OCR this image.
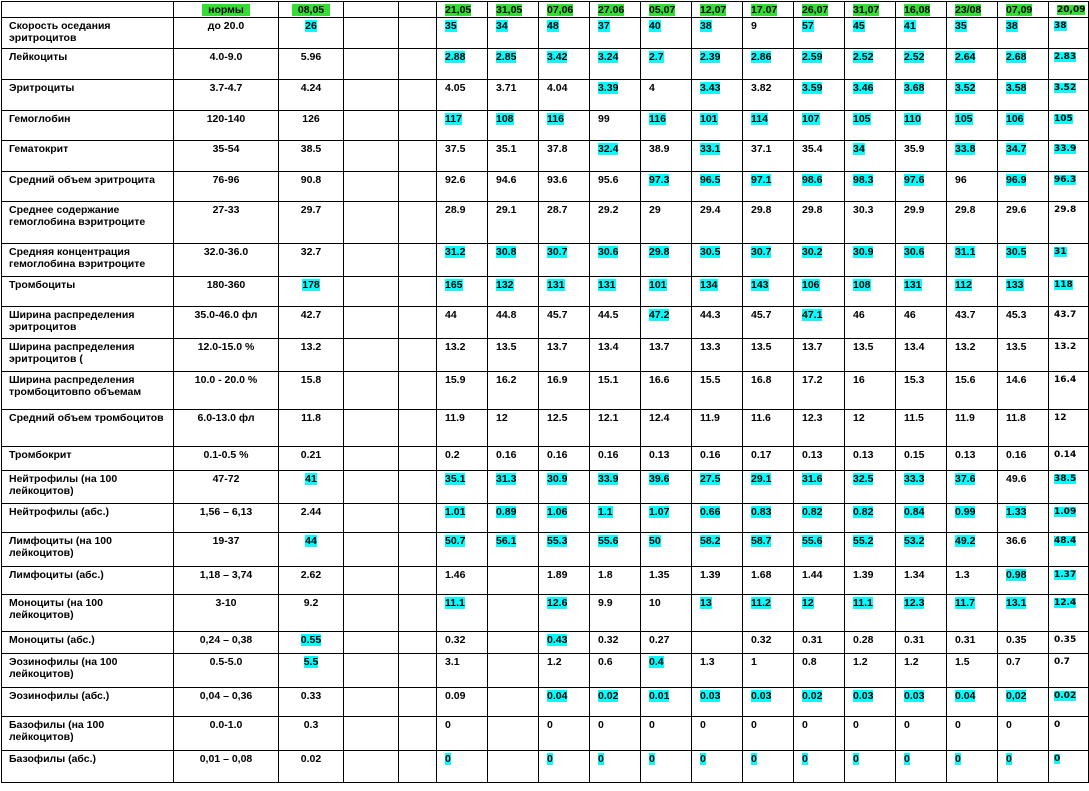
	нормы	08,05			21,05	31,05	07,06	27.06	05,07	12,07	17.07	26,07	31,07	16,08	23/08	07,09	20,09
Скорость оседания эритроцитов	до 20.0	26			35	34	48	37	40	38	9	57	45	41	35	38	38
Лейкоциты	4.0-9.0	5.96			2.88	2.85	3.42	3.24	2.7	2.39	2.86	2.59	2.52	2.52	2.64	2.68	2.83
Эритроциты	3.7-4.7	4.24			4.05	3.71	4.04	3.39	4	3.43	3.82	3.59	3.46	3.68	3.52	3.58	3.52
Гемоглобин	120-140	126			117	108	116	99	116	101	114	107	105	110	105	106	105
Гематокрит	35-54	38.5			37.5	35.1	37.8	32.4	38.9	33.1	37.1	35.4	34	35.9	33.8	34.7	33.9
Средний объем эритроцита	76-96	90.8			92.6	94.6	93.6	95.6	97.3	96.5	97.1	98.6	98.3	97.6	96	96.9	96.3
Среднее содержание гемоглобина вэритроците	27-33	29.7			28.9	29.1	28.7	29.2	29	29.4	29.8	29.8	30.3	29.9	29.8	29.6	29.8
Средняя концентрация гемоглобина вэритроците	32.0-36.0	32.7			31.2	30.8	30.7	30.6	29.8	30.5	30.7	30.2	30.9	30.6	31.1	30.5	31
Тромбоциты	180-360	178			165	132	131	131	101	134	143	106	108	131	112	133	118
Ширина распределения эритроцитов	35.0-46.0 фл	42.7			44	44.8	45.7	44.5	47.2	44.3	45.7	47.1	46	46	43.7	45.3	43.7
Ширина распределения эритроцитов (	12.0-15.0 %	13.2			13.2	13.5	13.7	13.4	13.7	13.3	13.5	13.7	13.5	13.4	13.2	13.5	13.2
Ширина распределения тромбоцитовпо объемам	10.0 - 20.0 %	15.8			15.9	16.2	16.9	15.1	16.6	15.5	16.8	17.2	16	15.3	15.6	14.6	16.4
Средний объем тромбоцитов	6.0-13.0 фл	11.8			11.9	12	12.5	12.1	12.4	11.9	11.6	12.3	12	11.5	11.9	11.8	12
Тромбокрит	0.1-0.5 %	0.21			0.2	0.16	0.16	0.16	0.13	0.16	0.17	0.13	0.13	0.15	0.13	0.16	0.14
Нейтрофилы (на 100 лейкоцитов)	47-72	41			35.1	31.3	30.9	33.9	39.6	27.5	29.1	31.6	32.5	33.3	37.6	49.6	38.5
Нейтрофилы (абс.)	1,56 – 6,13	2.44			1.01	0.89	1.06	1.1	1.07	0.66	0.83	0.82	0.82	0.84	0.99	1.33	1.09
Лимфоциты (на 100 лейкоцитов)	19-37	44			50.7	56.1	55.3	55.6	50	58.2	58.7	55.6	55.2	53.2	49.2	36.6	48.4
Лимфоциты (абс.)	1,18 – 3,74	2.62			1.46		1.89	1.8	1.35	1.39	1.68	1.44	1.39	1.34	1.3	0.98	1.37
Моноциты (на 100 лейкоцитов)	3-10	9.2			11.1		12.6	9.9	10	13	11.2	12	11.1	12.3	11.7	13.1	12.4
Моноциты (абс.)	0,24 – 0,38	0.55			0.32		0.43	0.32	0.27		0.32	0.31	0.28	0.31	0.31	0.35	0.35
Эозинофилы (на 100 лейкоцитов)	0.5-5.0	5.5			3.1		1.2	0.6	0.4	1.3	1	0.8	1.2	1.2	1.5	0.7	0.7
Эозинофилы (абс.)	0,04 – 0,36	0.33			0.09		0.04	0.02	0.01	0.03	0.03	0.02	0.03	0.03	0.04	0,02	0.02
Базофилы (на 100 лейкоцитов)	0.0-1.0	0.3			0		0	0	0	0	0	0	0	0	0	0	0
Базофилы (абс.)	0,01 – 0,08	0.02			0		0	0	0	0	0	0	0	0	0	0	0
